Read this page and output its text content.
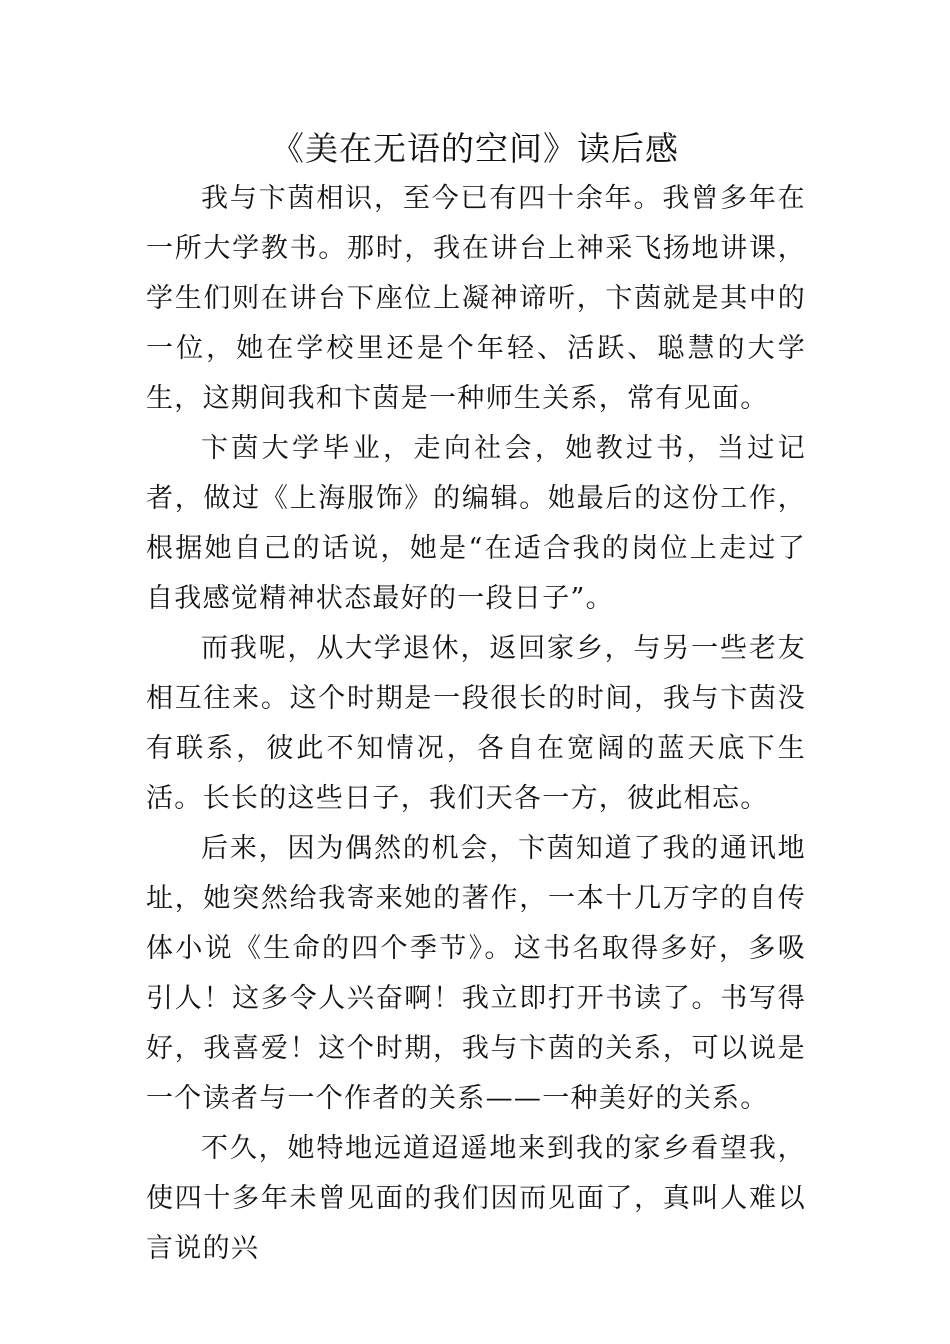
《美在无语的空间》读后感

我与卞茵相识，至今已有四十余年。我曾多年在一所大学教书。那时，我在讲台上神采飞扬地讲课，学生们则在讲台下座位上凝神谛听，卞茵就是其中的一位，她在学校里还是个年轻、活跃、聪慧的大学生，这期间我和卞茵是一种师生关系，常有见面。

卞茵大学毕业，走向社会，她教过书，当过记者，做过《上海服饰》的编辑。她最后的这份工作，根据她自己的话说，她是“在适合我的岗位上走过了自我感觉精神状态最好的一段日子”。

而我呢，从大学退休，返回家乡，与另一些老友相互往来。这个时期是一段很长的时间，我与卞茵没有联系，彼此不知情况，各自在宽阔的蓝天底下生活。长长的这些日子，我们天各一方，彼此相忘。

后来，因为偶然的机会，卞茵知道了我的通讯地址，她突然给我寄来她的著作，一本十几万字的自传体小说《生命的四个季节》。这书名取得多好，多吸引人！这多令人兴奋啊！我立即打开书读了。书写得好，我喜爱！这个时期，我与卞茵的关系，可以说是一个读者与一个作者的关系——一种美好的关系。

不久，她特地远道迢遥地来到我的家乡看望我，使四十多年未曾见面的我们因而见面了，真叫人难以言说的兴
